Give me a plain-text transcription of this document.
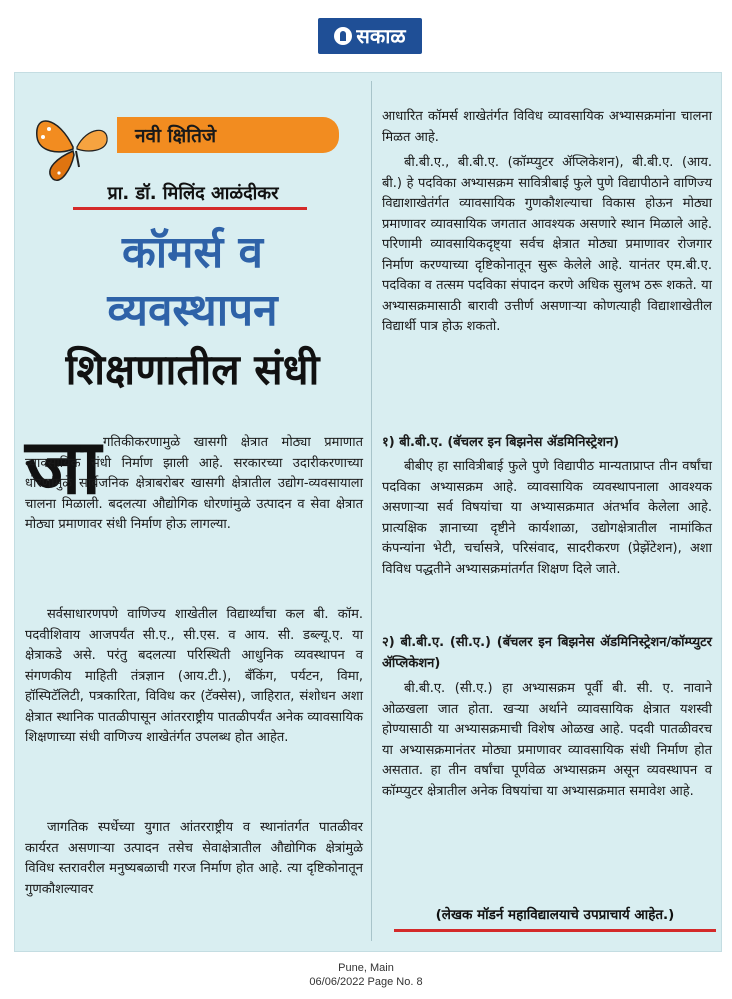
सकाळ
नवी क्षितिजे
प्रा. डॉ. मिलिंद आळंदीकर
कॉमर्स व
व्यवस्थापन
शिक्षणातील संधी
जा गतिकीकरणामुळे खासगी क्षेत्रात मोठ्या प्रमाणात व्यावसायिक संधी निर्माण झाली आहे. सरकारच्या उदारीकरणाच्या धोरणांमुळे सार्वजनिक क्षेत्राबरोबर खासगी क्षेत्रातील उद्योग-व्यवसायाला चालना मिळाली. बदलत्या औद्योगिक धोरणांमुळे उत्पादन व सेवा क्षेत्रात मोठ्या प्रमाणावर संधी निर्माण होऊ लागल्या.
सर्वसाधारणपणे वाणिज्य शाखेतील विद्यार्थ्यांचा कल बी. कॉम. पदवीशिवाय आजपर्यंत सी.ए., सी.एस. व आय. सी. डब्ल्यू.ए. या क्षेत्राकडे असे. परंतु बदलत्या परिस्थिती आधुनिक व्यवस्थापन व संगणकीय माहिती तंत्रज्ञान (आय.टी.), बँकिंग, पर्यटन, विमा, हॉस्पिटॅलिटी, पत्रकारिता, विविध कर (टॅक्सेस), जाहिरात, संशोधन अशा क्षेत्रात स्थानिक पातळीपासून आंतरराष्ट्रीय पातळीपर्यंत अनेक व्यावसायिक शिक्षणाच्या संधी वाणिज्य शाखेतंर्गत उपलब्ध होत आहेत.
जागतिक स्पर्धेच्या युगात आंतरराष्ट्रीय व स्थानांतर्गत पातळीवर कार्यरत असणाऱ्या उत्पादन तसेच सेवाक्षेत्रातील औद्योगिक क्षेत्रांमुळे विविध स्तरावरील मनुष्यबळाची गरज निर्माण होत आहे. त्या दृष्टिकोनातून गुणकौशल्यावर
आधारित कॉमर्स शाखेतंर्गत विविध व्यावसायिक अभ्यासक्रमांना चालना मिळत आहे.
बी.बी.ए., बी.बी.ए. (कॉम्प्युटर ॲप्लिकेशन), बी.बी.ए. (आय. बी.) हे पदविका अभ्यासक्रम सावित्रीबाई फुले पुणे विद्यापीठाने वाणिज्य विद्याशाखेतंर्गत व्यावसायिक गुणकौशल्याचा विकास होऊन मोठ्या प्रमाणावर व्यावसायिक जगतात आवश्यक असणारे स्थान मिळाले आहे. परिणामी व्यावसायिकदृष्ट्या सर्वच क्षेत्रात मोठ्या प्रमाणावर रोजगार निर्माण करण्याच्या दृष्टिकोनातून सुरू केलेले आहे. यानंतर एम.बी.ए. पदविका व तत्सम पदविका संपादन करणे अधिक सुलभ ठरू शकते. या अभ्यासक्रमासाठी बारावी उत्तीर्ण असणाऱ्या कोणत्याही विद्याशाखेतील विद्यार्थी पात्र होऊ शकतो.
१) बी.बी.ए. (बॅचलर इन बिझनेस ॲडमिनिस्ट्रेशन)
बीबीए हा सावित्रीबाई फुले पुणे विद्यापीठ मान्यताप्राप्त तीन वर्षांचा पदविका अभ्यासक्रम आहे. व्यावसायिक व्यवस्थापनाला आवश्यक असणाऱ्या सर्व विषयांचा या अभ्यासक्रमात अंतर्भाव केलेला आहे. प्रात्यक्षिक ज्ञानाच्या दृष्टीने कार्यशाळा, उद्योगक्षेत्रातील नामांकित कंपन्यांना भेटी, चर्चासत्रे, परिसंवाद, सादरीकरण (प्रेझेंटेशन), अशा विविध पद्धतीने अभ्यासक्रमांतर्गत शिक्षण दिले जाते.
२) बी.बी.ए. (सी.ए.) (बॅचलर इन बिझनेस ॲडमिनिस्ट्रेशन/कॉम्प्युटर ॲप्लिकेशन)
बी.बी.ए. (सी.ए.) हा अभ्यासक्रम पूर्वी बी. सी. ए. नावाने ओळखला जात होता. खऱ्या अर्थाने व्यावसायिक क्षेत्रात यशस्वी होण्यासाठी या अभ्यासक्रमाची विशेष ओळख आहे. पदवी पातळीवरच या अभ्यासक्रमानंतर मोठ्या प्रमाणावर व्यावसायिक संधी निर्माण होत असतात. हा तीन वर्षांचा पूर्णवेळ अभ्यासक्रम असून व्यवस्थापन व कॉम्प्युटर क्षेत्रातील अनेक विषयांचा या अभ्यासक्रमात समावेश आहे.
(लेखक मॉडर्न महाविद्यालयाचे उपप्राचार्य आहेत.)
Pune, Main
06/06/2022 Page No. 8
